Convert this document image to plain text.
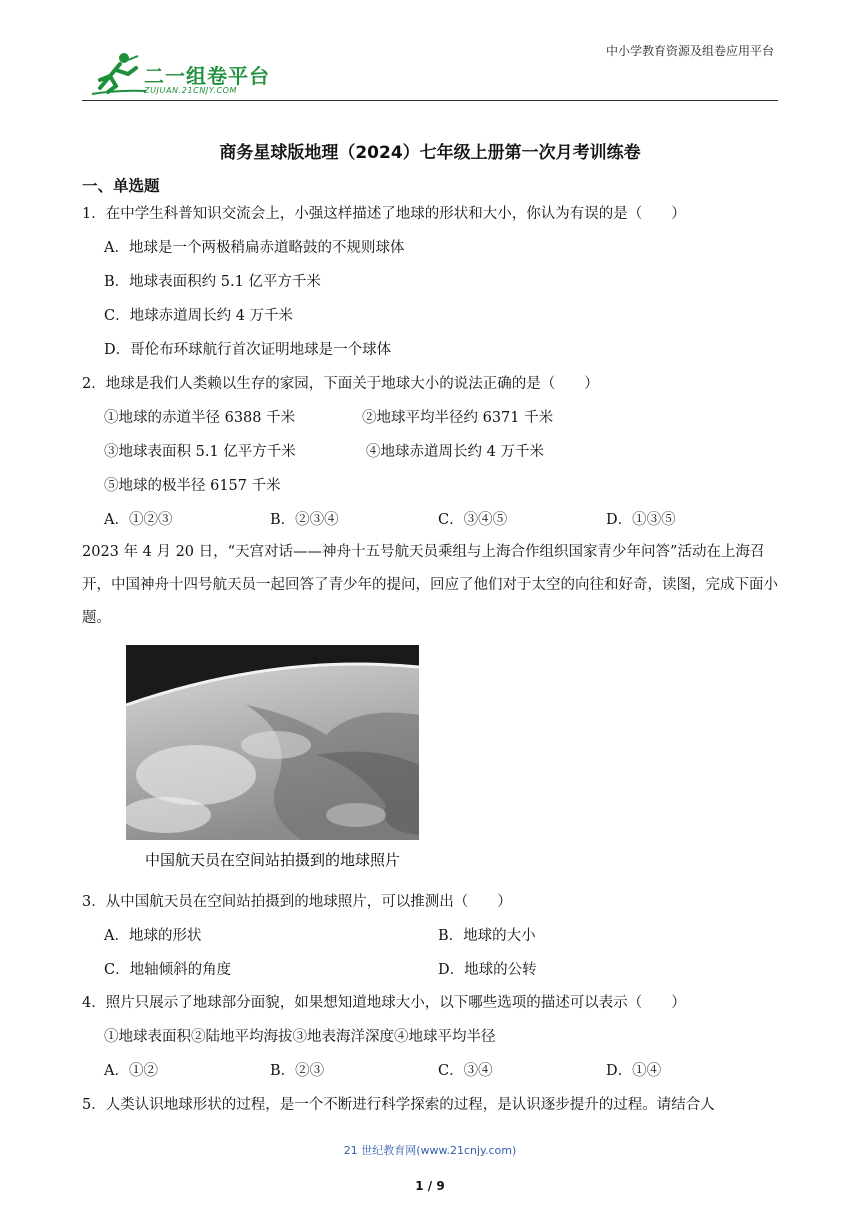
中小学教育资源及组卷应用平台
二一组卷平台
ZUJUAN.21CNJY.COM
商务星球版地理（2024）七年级上册第一次月考训练卷
一、单选题
1．在中学生科普知识交流会上，小强这样描述了地球的形状和大小，你认为有误的是（　　）
A．地球是一个两极稍扁赤道略鼓的不规则球体
B．地球表面积约 5.1 亿平方千米
C．地球赤道周长约 4 万千米
D．哥伦布环球航行首次证明地球是一个球体
2．地球是我们人类赖以生存的家园，下面关于地球大小的说法正确的是（　　）
①地球的赤道半径 6388 千米	②地球平均半径约 6371 千米
③地球表面积 5.1 亿平方千米	④地球赤道周长约 4 万千米
⑤地球的极半径 6157 千米
A．①②③	B．②③④	C．③④⑤	D．①③⑤
2023 年 4 月 20 日，“天宫对话——神舟十五号航天员乘组与上海合作组织国家青少年问答”活动在上海召开，中国神舟十四号航天员一起回答了青少年的提问，回应了他们对于太空的向往和好奇，读图，完成下面小题。
中国航天员在空间站拍摄到的地球照片
3．从中国航天员在空间站拍摄到的地球照片，可以推测出（　　）
A．地球的形状	B．地球的大小
C．地轴倾斜的角度	D．地球的公转
4．照片只展示了地球部分面貌，如果想知道地球大小，以下哪些选项的描述可以表示（　　）
①地球表面积②陆地平均海拔③地表海洋深度④地球平均半径
A．①②	B．②③	C．③④	D．①④
5．人类认识地球形状的过程，是一个不断进行科学探索的过程，是认识逐步提升的过程。请结合人
21 世纪教育网(www.21cnjy.com)
1 / 9
